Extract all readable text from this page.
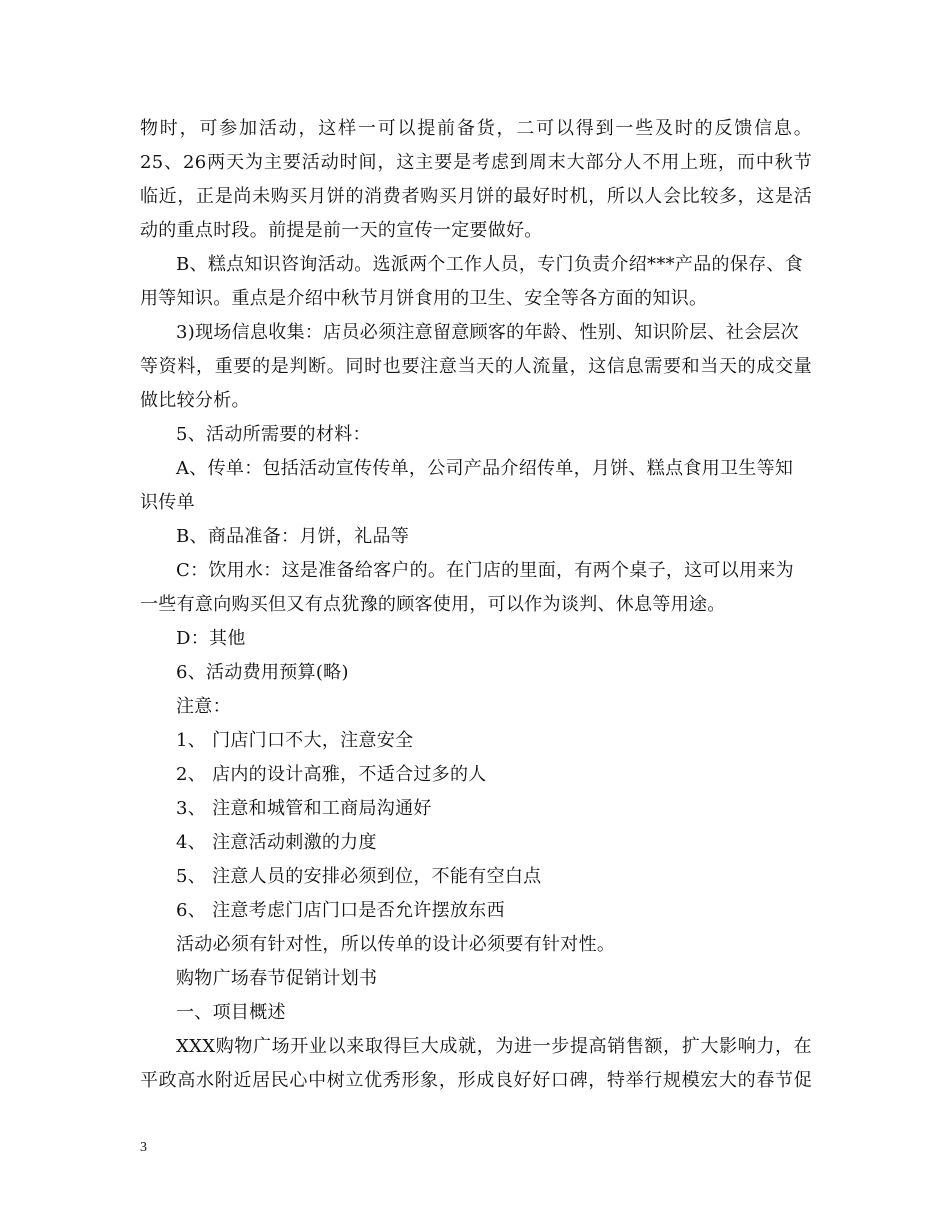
物时，可参加活动，这样一可以提前备货，二可以得到一些及时的反馈信息。
25、26两天为主要活动时间，这主要是考虑到周末大部分人不用上班，而中秋节
临近，正是尚未购买月饼的消费者购买月饼的最好时机，所以人会比较多，这是活
动的重点时段。前提是前一天的宣传一定要做好。
B、糕点知识咨询活动。选派两个工作人员，专门负责介绍***产品的保存、食
用等知识。重点是介绍中秋节月饼食用的卫生、安全等各方面的知识。
3)现场信息收集：店员必须注意留意顾客的年龄、性别、知识阶层、社会层次
等资料，重要的是判断。同时也要注意当天的人流量，这信息需要和当天的成交量
做比较分析。
5、活动所需要的材料：
A、传单：包括活动宣传传单，公司产品介绍传单，月饼、糕点食用卫生等知
识传单
B、商品准备：月饼，礼品等
C：饮用水：这是准备给客户的。在门店的里面，有两个桌子，这可以用来为
一些有意向购买但又有点犹豫的顾客使用，可以作为谈判、休息等用途。
D：其他
6、活动费用预算(略)
注意：
1、 门店门口不大，注意安全
2、 店内的设计高雅，不适合过多的人
3、 注意和城管和工商局沟通好
4、 注意活动刺激的力度
5、 注意人员的安排必须到位，不能有空白点
6、 注意考虑门店门口是否允许摆放东西
活动必须有针对性，所以传单的设计必须要有针对性。
购物广场春节促销计划书
一、项目概述
XXX购物广场开业以来取得巨大成就，为进一步提高销售额，扩大影响力，在
平政高水附近居民心中树立优秀形象，形成良好好口碑，特举行规模宏大的春节促
3
